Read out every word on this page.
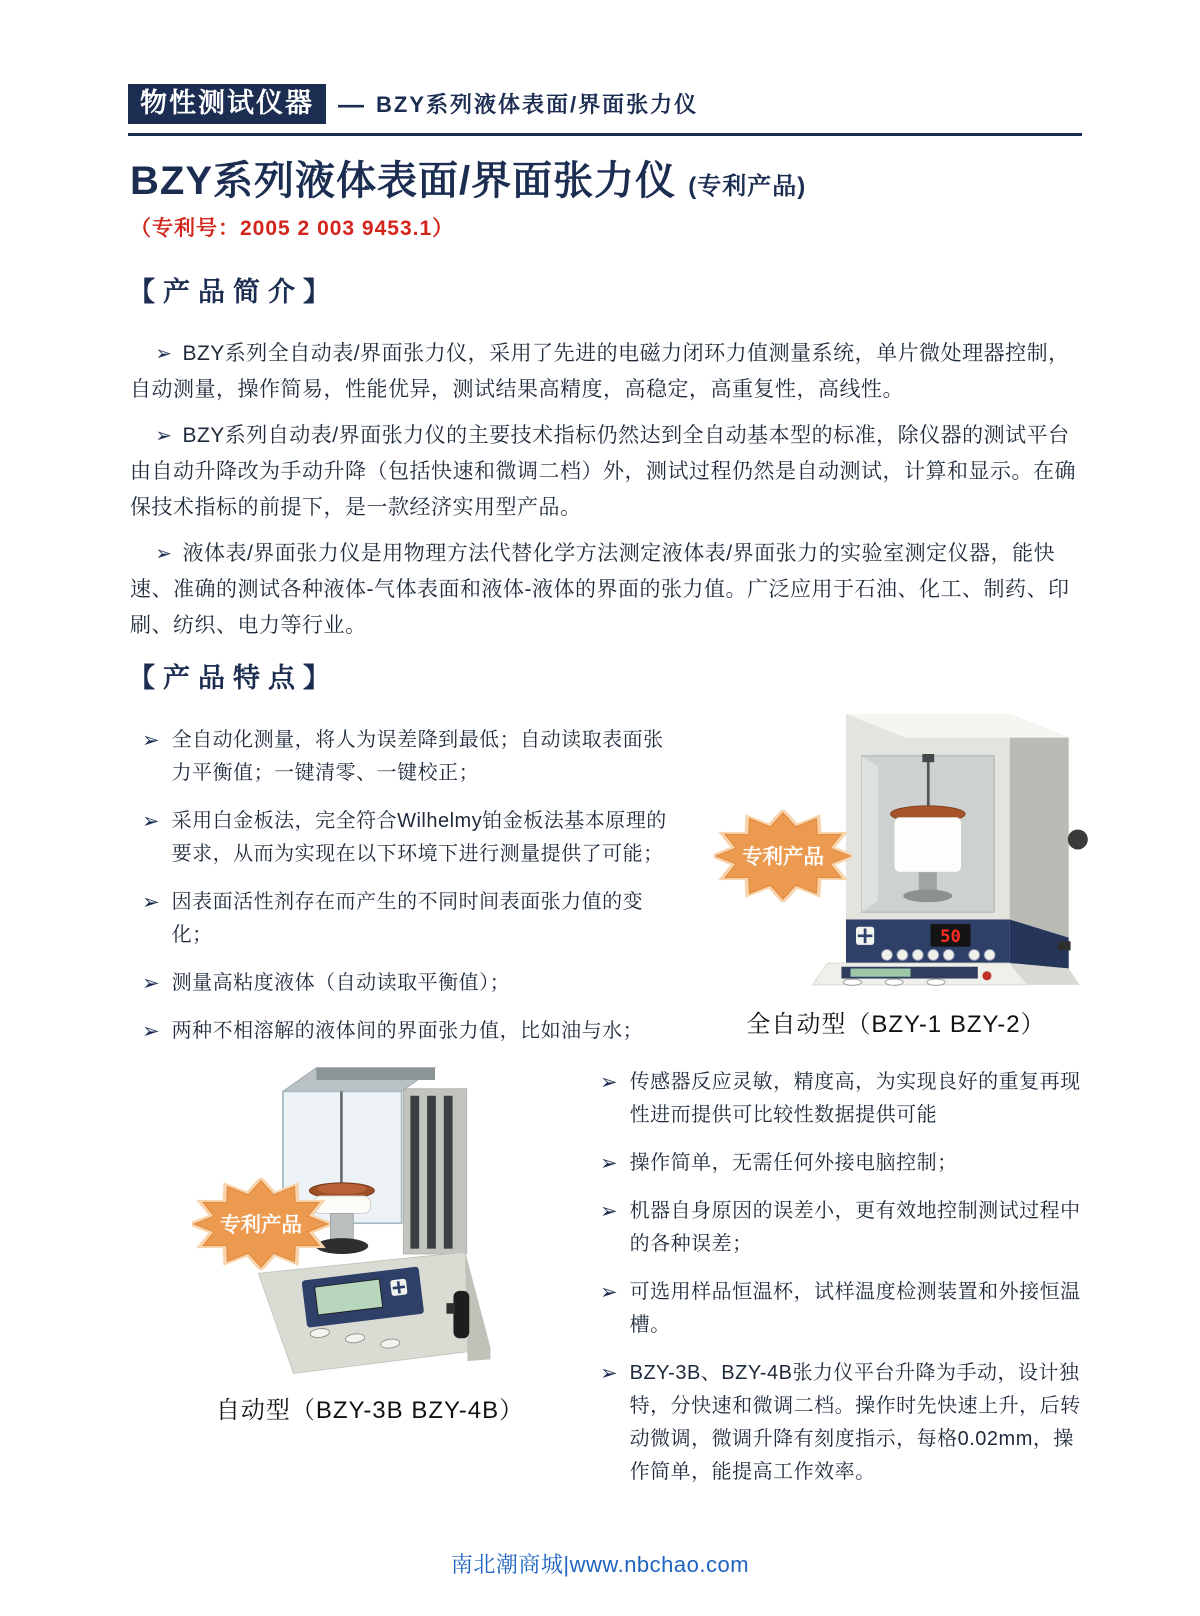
物性测试仪器 — BZY系列液体表面/界面张力仪
BZY系列液体表面/界面张力仪 (专利产品)
（专利号：2005 2 003 9453.1）
【产品简介】

➢ BZY系列全自动表/界面张力仪，采用了先进的电磁力闭环力值测量系统，单片微处理器控制，自动测量，操作简易，性能优异，测试结果高精度，高稳定，高重复性，高线性。

➢ BZY系列自动表/界面张力仪的主要技术指标仍然达到全自动基本型的标准，除仪器的测试平台由自动升降改为手动升降（包括快速和微调二档）外，测试过程仍然是自动测试，计算和显示。在确保技术指标的前提下，是一款经济实用型产品。

➢ 液体表/界面张力仪是用物理方法代替化学方法测定液体表/界面张力的实验室测定仪器，能快速、准确的测试各种液体-气体表面和液体-液体的界面的张力值。广泛应用于石油、化工、制药、印刷、纺织、电力等行业。

【产品特点】
➢ 全自动化测量，将人为误差降到最低；自动读取表面张力平衡值；一键清零、一键校正；
➢ 采用白金板法，完全符合Wilhelmy铂金板法基本原理的要求，从而为实现在以下环境下进行测量提供了可能；
➢ 因表面活性剂存在而产生的不同时间表面张力值的变化；
➢ 测量高粘度液体（自动读取平衡值）；
➢ 两种不相溶解的液体间的界面张力值，比如油与水；
50
专利产品
全自动型（BZY-1 BZY-2）
专利产品
自动型（BZY-3B BZY-4B）
➢ 传感器反应灵敏，精度高，为实现良好的重复再现性进而提供可比较性数据提供可能
➢ 操作简单，无需任何外接电脑控制；
➢ 机器自身原因的误差小，更有效地控制测试过程中的各种误差；
➢ 可选用样品恒温杯，试样温度检测装置和外接恒温槽。
➢ BZY-3B、BZY-4B张力仪平台升降为手动，设计独特，分快速和微调二档。操作时先快速上升，后转动微调，微调升降有刻度指示，每格0.02mm，操作简单，能提高工作效率。
南北潮商城|www.nbchao.com
